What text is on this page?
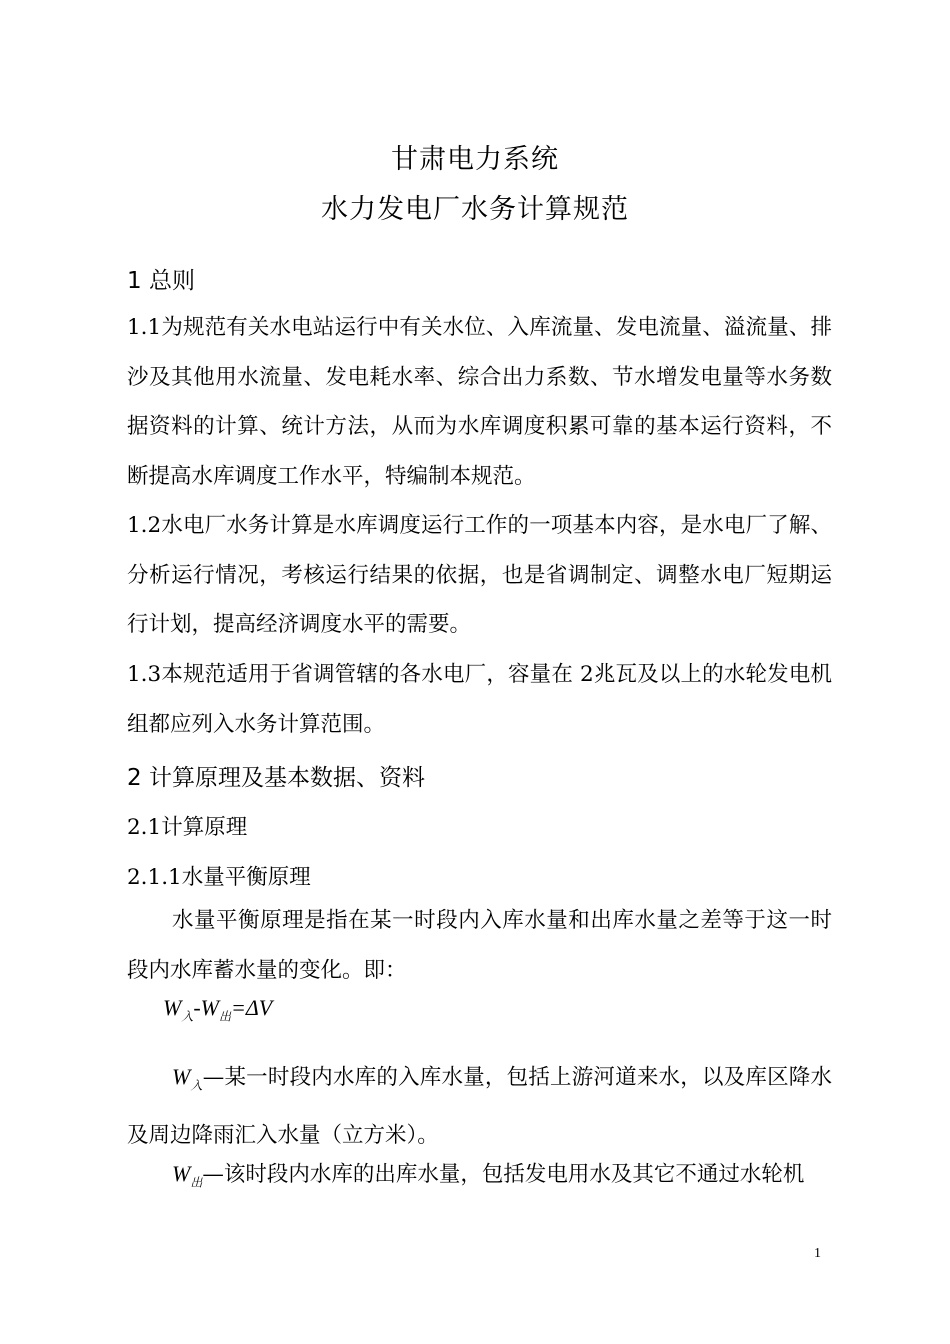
甘肃电力系统
水力发电厂水务计算规范
1 总则

1.1为规范有关水电站运行中有关水位、入库流量、发电流量、溢流量、排沙及其他用水流量、发电耗水率、综合出力系数、节水增发电量等水务数据资料的计算、统计方法，从而为水库调度积累可靠的基本运行资料，不断提高水库调度工作水平，特编制本规范。

1.2水电厂水务计算是水库调度运行工作的一项基本内容，是水电厂了解、分析运行情况，考核运行结果的依据，也是省调制定、调整水电厂短期运行计划，提高经济调度水平的需要。

1.3本规范适用于省调管辖的各水电厂，容量在 2兆瓦及以上的水轮发电机组都应列入水务计算范围。

2 计算原理及基本数据、资料
2.1计算原理
2.1.1水量平衡原理

水量平衡原理是指在某一时段内入库水量和出库水量之差等于这一时段内水库蓄水量的变化。即：

$W_入-W_出=\Delta V$

$W_入—$某一时段内水库的入库水量，包括上游河道来水，以及库区降水及周边降雨汇入水量（立方米）。

$W_出—$该时段内水库的出库水量，包括发电用水及其它不通过水轮机

1
